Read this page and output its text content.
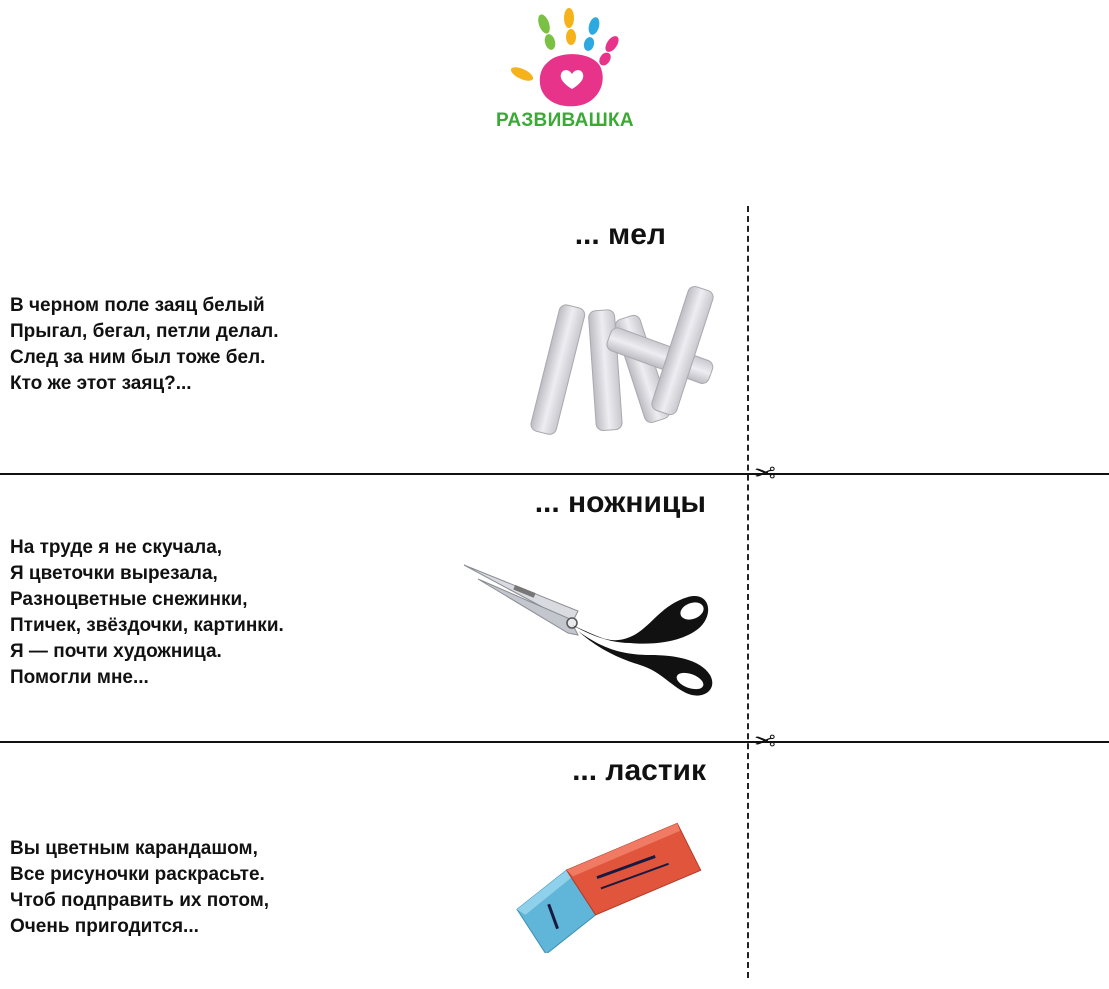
РАЗВИВАШКА
✂
✂
... мел
В черном поле заяц белый
Прыгал, бегал, петли делал.
След за ним был тоже бел.
Кто же этот заяц?...
... ножницы
На труде я не скучала,
Я цветочки вырезала,
Разноцветные снежинки,
Птичек, звёздочки, картинки.
Я — почти художница.
Помогли мне...
... ластик
Вы цветным карандашом,
Все рисуночки раскрасьте.
Чтоб подправить их потом,
Очень пригодится...
